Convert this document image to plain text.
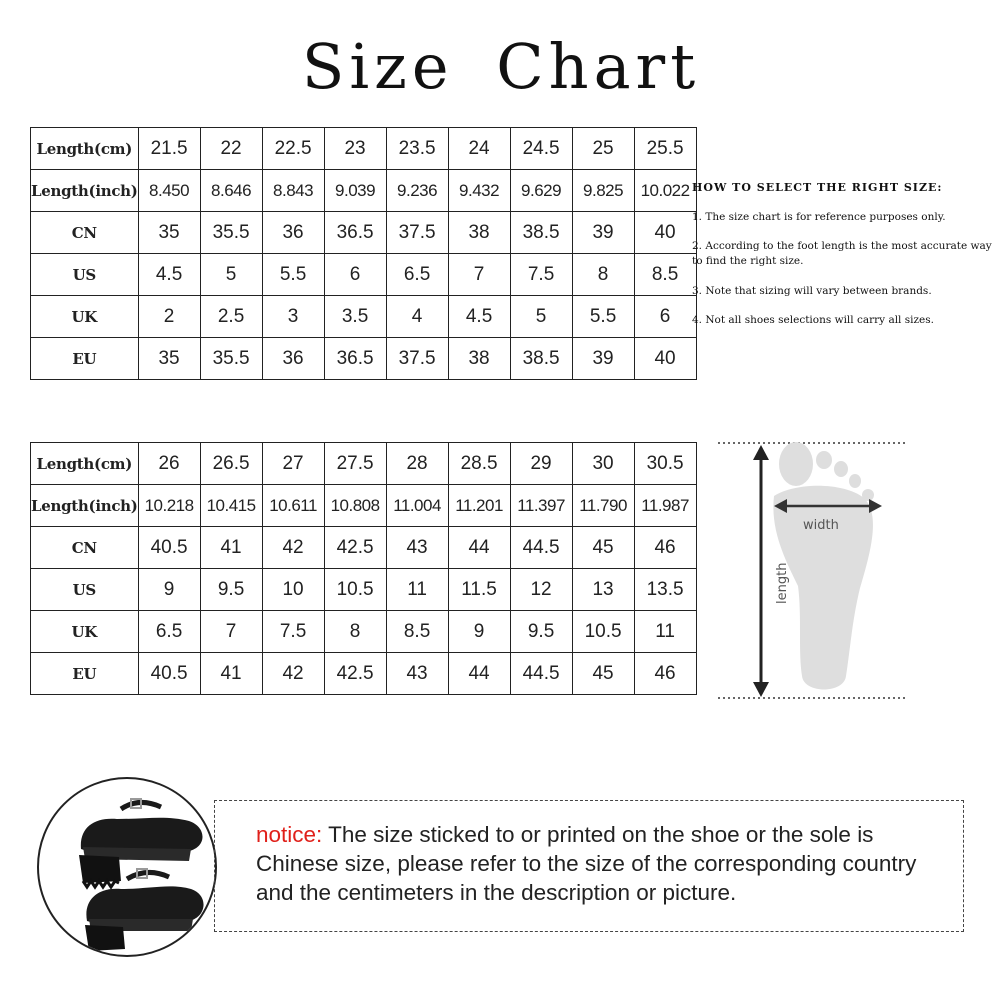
Size Chart
Length(cm)	21.5	22	22.5	23	23.5	24	24.5	25	25.5
Length(inch)	8.450	8.646	8.843	9.039	9.236	9.432	9.629	9.825	10.022
CN	35	35.5	36	36.5	37.5	38	38.5	39	40
US	4.5	5	5.5	6	6.5	7	7.5	8	8.5
UK	2	2.5	3	3.5	4	4.5	5	5.5	6
EU	35	35.5	36	36.5	37.5	38	38.5	39	40
Length(cm)	26	26.5	27	27.5	28	28.5	29	30	30.5
Length(inch)	10.218	10.415	10.611	10.808	11.004	11.201	11.397	11.790	11.987
CN	40.5	41	42	42.5	43	44	44.5	45	46
US	9	9.5	10	10.5	11	11.5	12	13	13.5
UK	6.5	7	7.5	8	8.5	9	9.5	10.5	11
EU	40.5	41	42	42.5	43	44	44.5	45	46
HOW TO SELECT THE RIGHT SIZE:
1. The size chart is for reference purposes only.
2. According to the foot length is the most accurate way to find the right size.
3. Note that sizing will vary between brands.
4. Not all shoes selections will carry all sizes.
width
length
notice: The size sticked to or printed on the shoe or the sole is Chinese size, please refer to the size of the corresponding country and the centimeters in the description or picture.
